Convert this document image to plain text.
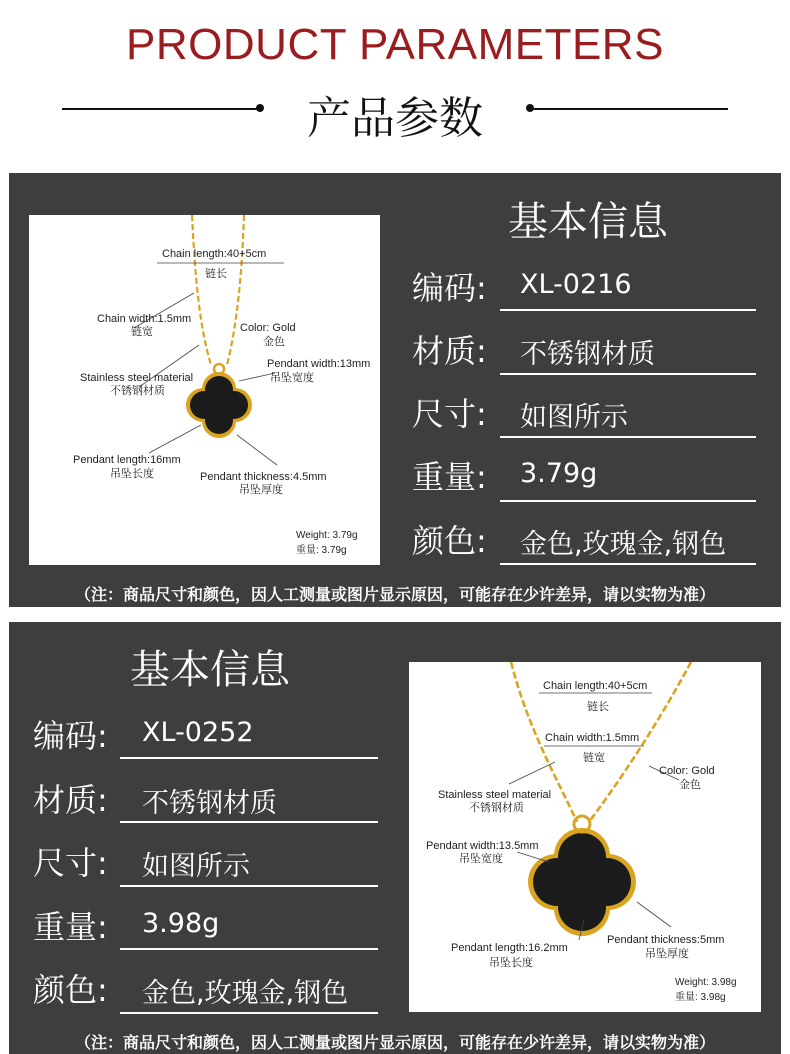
PRODUCT PARAMETERS
产品参数
Chain length:40+5cm
链长
Chain width:1.5mm
链宽	Color: Gold
金色
Stainless steel material
不锈钢材质
Pendant width:13mm
吊坠宽度
Pendant length:16mm
吊坠长度	Pendant thickness:4.5mm
吊坠厚度
Weight: 3.79g
重量: 3.79g
基本信息
编码: XL-0216
材质: 不锈钢材质
尺寸: 如图所示
重量: 3.79g
颜色: 金色,玫瑰金,钢色
（注：商品尺寸和颜色，因人工测量或图片显示原因，可能存在少许差异，请以实物为准）
基本信息
编码: XL-0252
材质: 不锈钢材质
尺寸: 如图所示
重量: 3.98g
颜色: 金色,玫瑰金,钢色
Chain length:40+5cm
链长
Chain width:1.5mm
链宽
Color: Gold
金色
Stainless steel material
不锈钢材质
Pendant width:13.5mm
吊坠宽度
Pendant length:16.2mm
吊坠长度
Pendant thickness:5mm
吊坠厚度
Weight: 3.98g
重量: 3.98g
（注：商品尺寸和颜色，因人工测量或图片显示原因，可能存在少许差异，请以实物为准）
